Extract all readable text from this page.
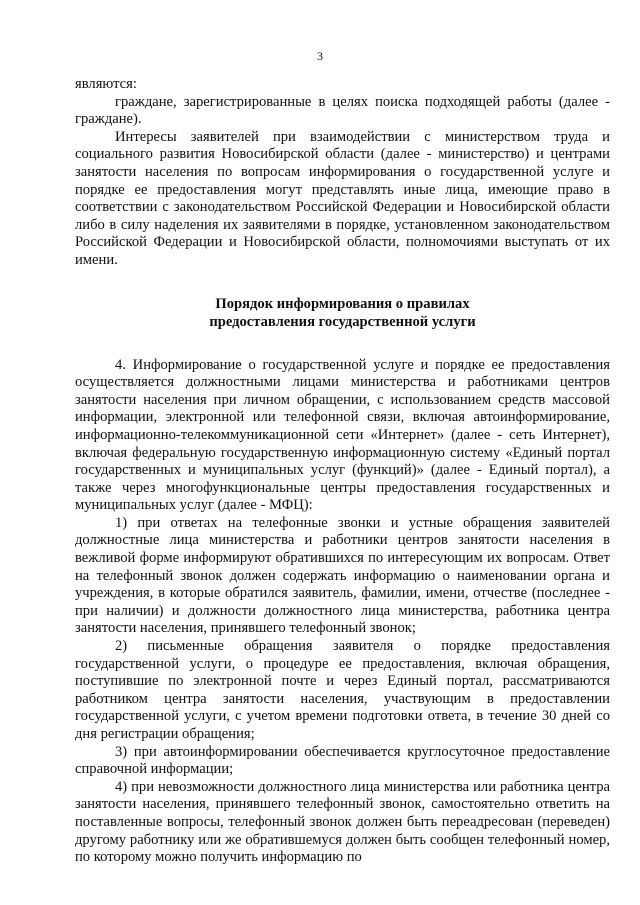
3

являются:

граждане, зарегистрированные в целях поиска подходящей работы (далее - граждане).

Интересы заявителей при взаимодействии с министерством труда и социального развития Новосибирской области (далее - министерство) и центрами занятости населения по вопросам информирования о государственной услуге и порядке ее предоставления могут представлять иные лица, имеющие право в соответствии с законодательством Российской Федерации и Новосибирской области либо в силу наделения их заявителями в порядке, установленном законодательством Российской Федерации и Новосибирской области, полномочиями выступать от их имени.

Порядок информирования о правилах
предоставления государственной услуги

4. Информирование о государственной услуге и порядке ее предоставления осуществляется должностными лицами министерства и работниками центров занятости населения при личном обращении, с использованием средств массовой информации, электронной или телефонной связи, включая автоинформирование, информационно-телекоммуникационной сети «Интернет» (далее - сеть Интернет), включая федеральную государственную информационную систему «Единый портал государственных и муниципальных услуг (функций)» (далее - Единый портал), а также через многофункциональные центры предоставления государственных и муниципальных услуг (далее - МФЦ):

1) при ответах на телефонные звонки и устные обращения заявителей должностные лица министерства и работники центров занятости населения в вежливой форме информируют обратившихся по интересующим их вопросам. Ответ на телефонный звонок должен содержать информацию о наименовании органа и учреждения, в которые обратился заявитель, фамилии, имени, отчестве (последнее - при наличии) и должности должностного лица министерства, работника центра занятости населения, принявшего телефонный звонок;

2) письменные обращения заявителя о порядке предоставления государственной услуги, о процедуре ее предоставления, включая обращения, поступившие по электронной почте и через Единый портал, рассматриваются работником центра занятости населения, участвующим в предоставлении государственной услуги, с учетом времени подготовки ответа, в течение 30 дней со дня регистрации обращения;

3) при автоинформировании обеспечивается круглосуточное предоставление справочной информации;

4) при невозможности должностного лица министерства или работника центра занятости населения, принявшего телефонный звонок, самостоятельно ответить на поставленные вопросы, телефонный звонок должен быть переадресован (переведен) другому работнику или же обратившемуся должен быть сообщен телефонный номер, по которому можно получить информацию по
